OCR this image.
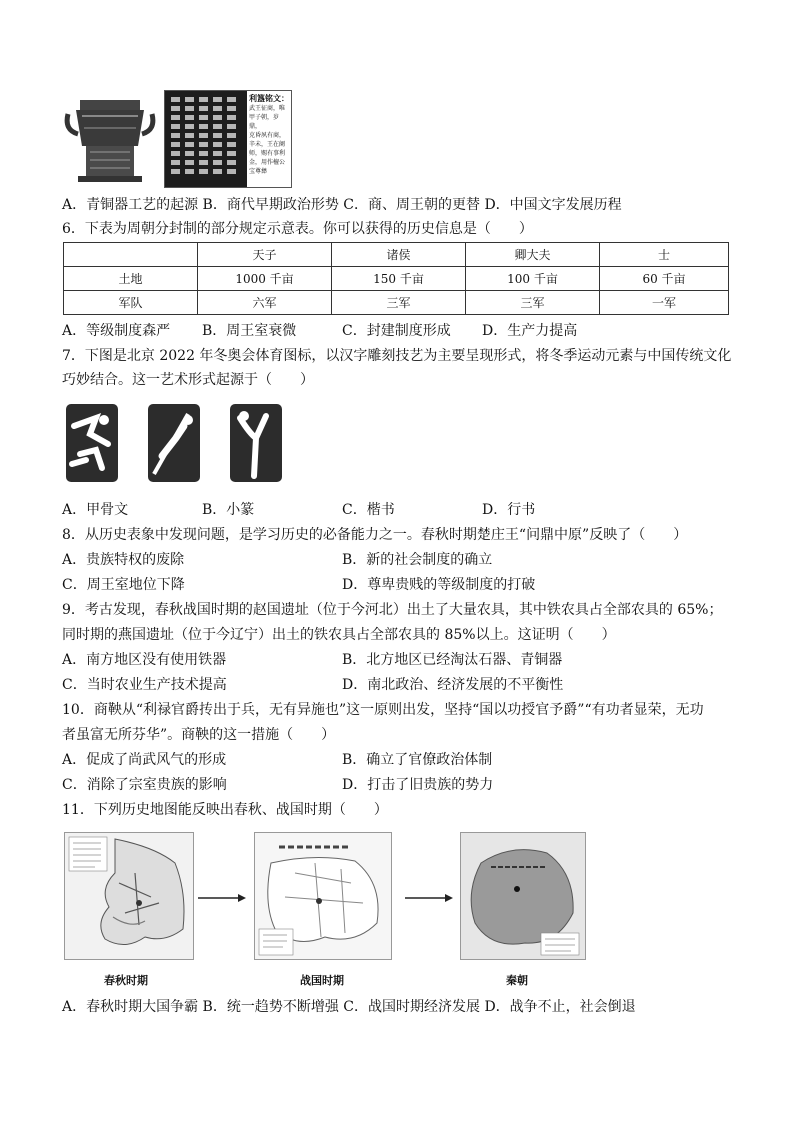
利簋铭文：
武王征商，唯甲子朝，岁鼎，
克昏夙有商，辛未，王在阑
师，赐有事利金，用作檀公
宝尊彝
A．青铜器工艺的起源 B．商代早期政治形势 C．商、周王朝的更替 D．中国文字发展历程
6．下表为周朝分封制的部分规定示意表。你可以获得的历史信息是（　　）
	天子	诸侯	卿大夫	士
土地	1000 千亩	150 千亩	100 千亩	60 千亩
军队	六军	三军	三军	一军
A．等级制度森严 B．周王室衰微	C．封建制度形成 D．生产力提高
7．下图是北京 2022 年冬奥会体育图标，以汉字雕刻技艺为主要呈现形式，将冬季运动元素与中国传统文化
巧妙结合。这一艺术形式起源于（　　）
A．甲骨文	B．小篆	C．楷书	D．行书
8．从历史表象中发现问题，是学习历史的必备能力之一。春秋时期楚庄王“问鼎中原”反映了（　　）
A．贵族特权的废除	B．新的社会制度的确立
C．周王室地位下降	D．尊卑贵贱的等级制度的打破
9．考古发现，春秋战国时期的赵国遗址（位于今河北）出土了大量农具，其中铁农具占全部农具的 65%；
同时期的燕国遗址（位于今辽宁）出土的铁农具占全部农具的 85%以上。这证明（　　）
A．南方地区没有使用铁器	B．北方地区已经淘汰石器、青铜器
C．当时农业生产技术提高	D．南北政治、经济发展的不平衡性
10．商鞅从“利禄官爵抟出于兵，无有异施也”这一原则出发，坚持“国以功授官予爵”“有功者显荣，无功
者虽富无所芬华”。商鞅的这一措施（　　）
A．促成了尚武风气的形成	B．确立了官僚政治体制
C．消除了宗室贵族的影响	D．打击了旧贵族的势力
11．下列历史地图能反映出春秋、战国时期（　　）
春秋时期	战国时期	秦朝
A．春秋时期大国争霸 B．统一趋势不断增强 C．战国时期经济发展 D．战争不止，社会倒退
